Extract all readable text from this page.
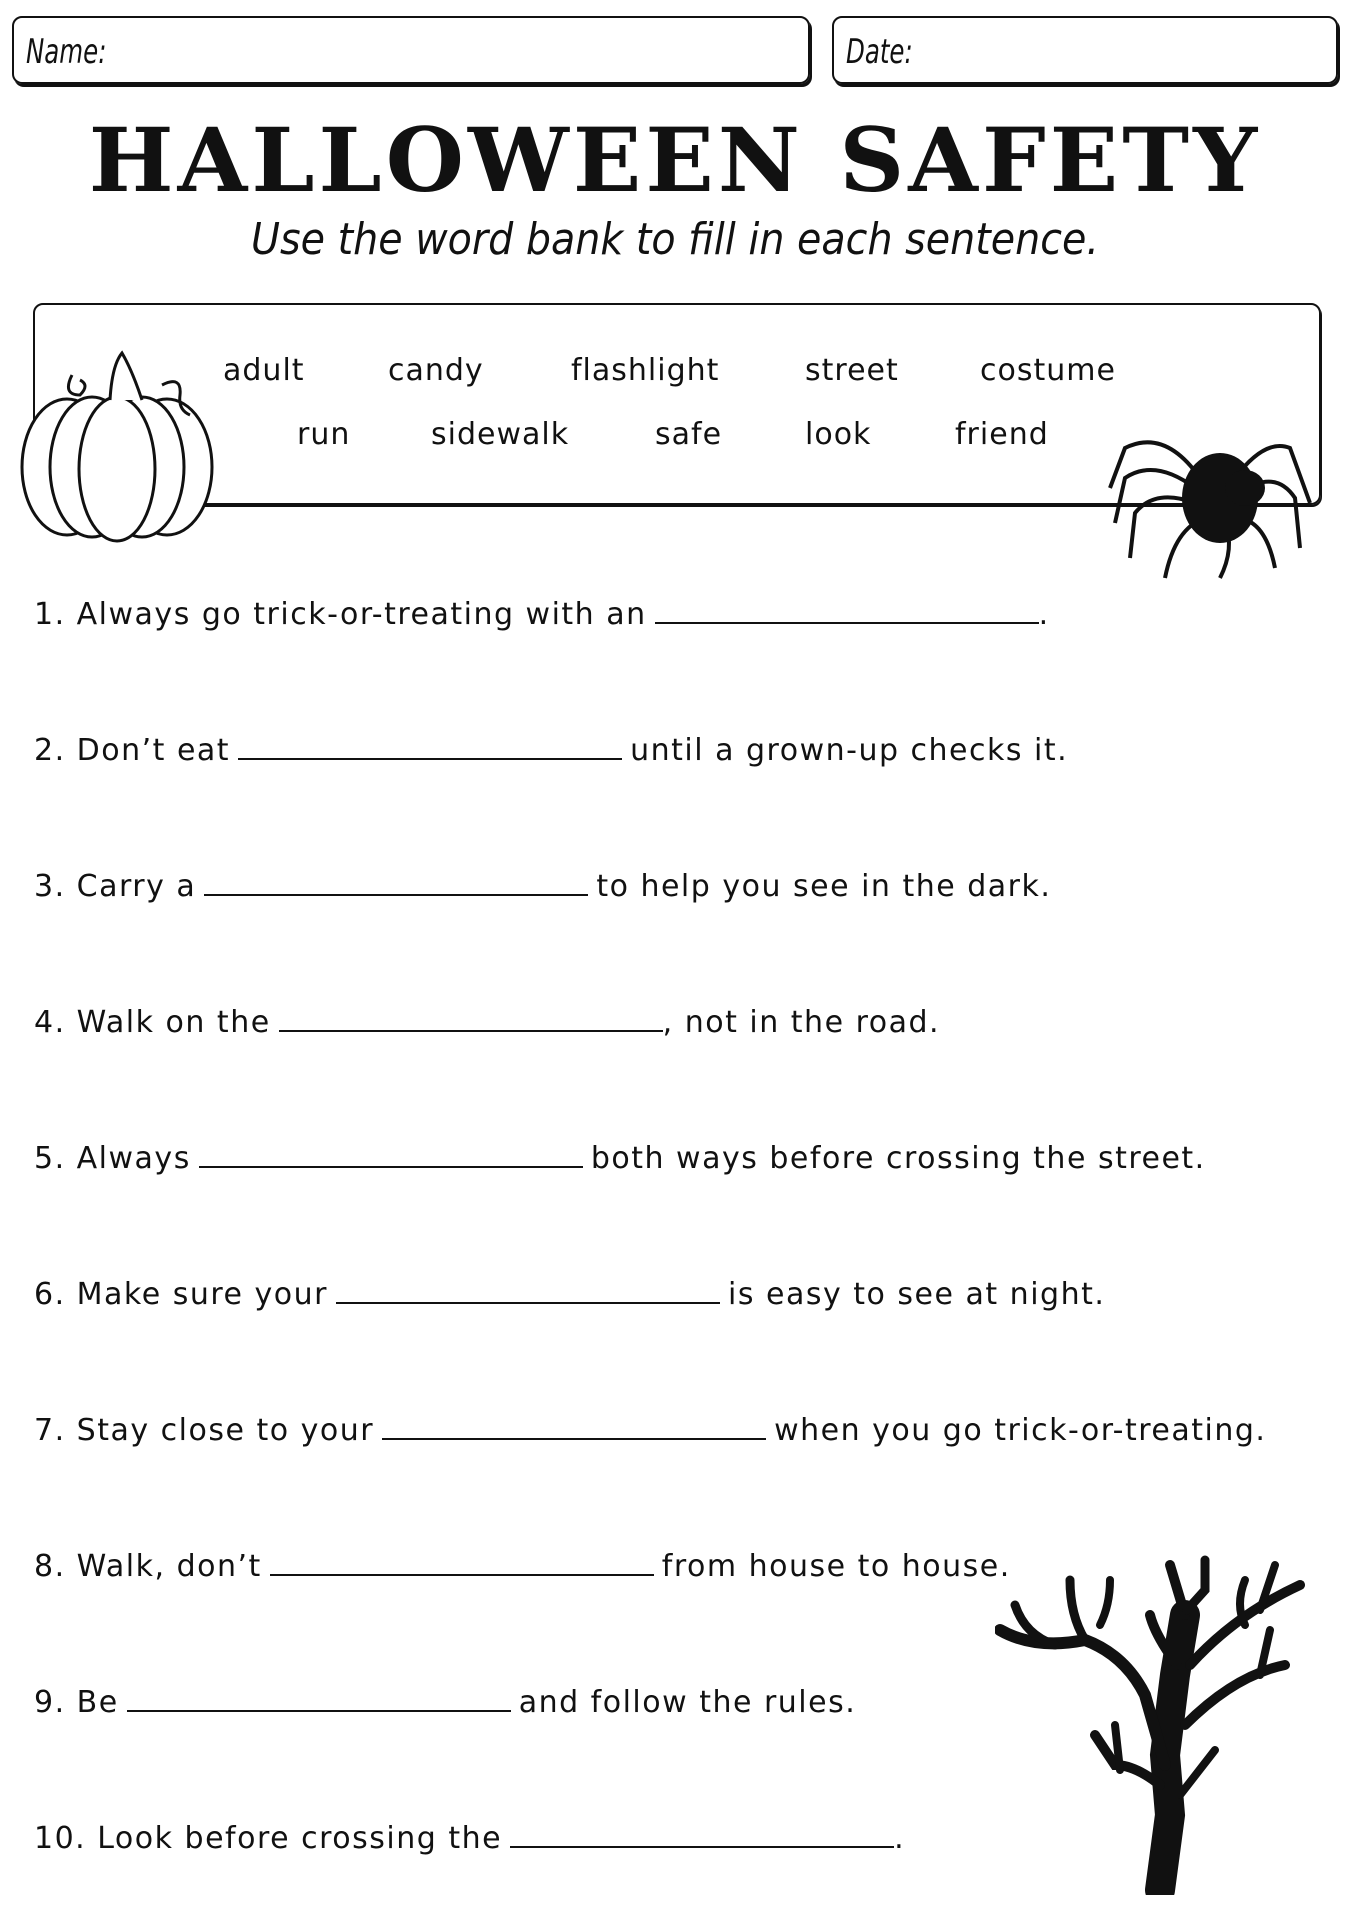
Name:	Date:
HALLOWEEN SAFETY
Use the word bank to fill in each sentence.
adult	candy	flashlight	street	costume
run	sidewalk	safe	look	friend
1. Always go trick-or-treating with an	.
2. Don’t eat	until a grown-up checks it.
3. Carry a	to help you see in the dark.
4. Walk on the	, not in the road.
5. Always	both ways before crossing the street.
6. Make sure your	is easy to see at night.
7. Stay close to your	when you go trick-or-treating.
8. Walk, don’t	from house to house.
9. Be	and follow the rules.
10. Look before crossing the	.
